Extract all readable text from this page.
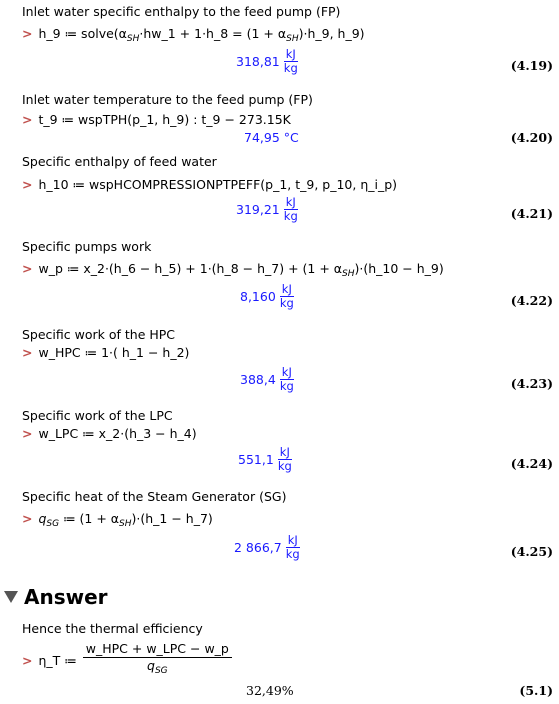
Inlet water specific enthalpy to the feed pump (FP)
> h_9 ≔ $solve(\alpha_{SH}\cdot hw\_1$ + 1·h_8 = $(1 + \alpha_{SH})\cdot h\_9$, h_9)
$318,81 \frac{kJ}{kg}$	(4.19)
Inlet water temperature to the feed pump (FP)
> t_9 ≔ wspTPH(p_1, h_9) : t_9 − 273.15K
74,95 °C	(4.20)
Specific enthalpy of feed water
> h_10 ≔ wspHCOMPRESSIONPTPEFF(p_1, t_9, p_10, η_i_p)
$319,21 \frac{kJ}{kg}$	(4.21)
Specific pumps work
> w_p ≔ x_2·(h_6 − h_5) + 1·(h_8 − h_7) + $(1 + \alpha_{SH})\cdot(h\_10$ − h_9)
$8,160 \frac{kJ}{kg}$	(4.22)
Specific work of the HPC
> w_HPC ≔ 1·( h_1 − h_2)
$388,4 \frac{kJ}{kg}$	(4.23)
Specific work of the LPC
> w_LPC ≔ x_2·(h_3 − h_4)
$551,1 \frac{kJ}{kg}$	(4.24)
Specific heat of the Steam Generator (SG)
> $q_{SG}$ ≔ $(1 + \alpha_{SH})\cdot(h\_1$ − h_7)
2 $866,7 \frac{kJ}{kg}$	(4.25)
Answer
Hence the thermal efficiency
> η_T ≔
w_HPC + w_LPC − w_p
$q_{SG}$
32,49%	(5.1)
